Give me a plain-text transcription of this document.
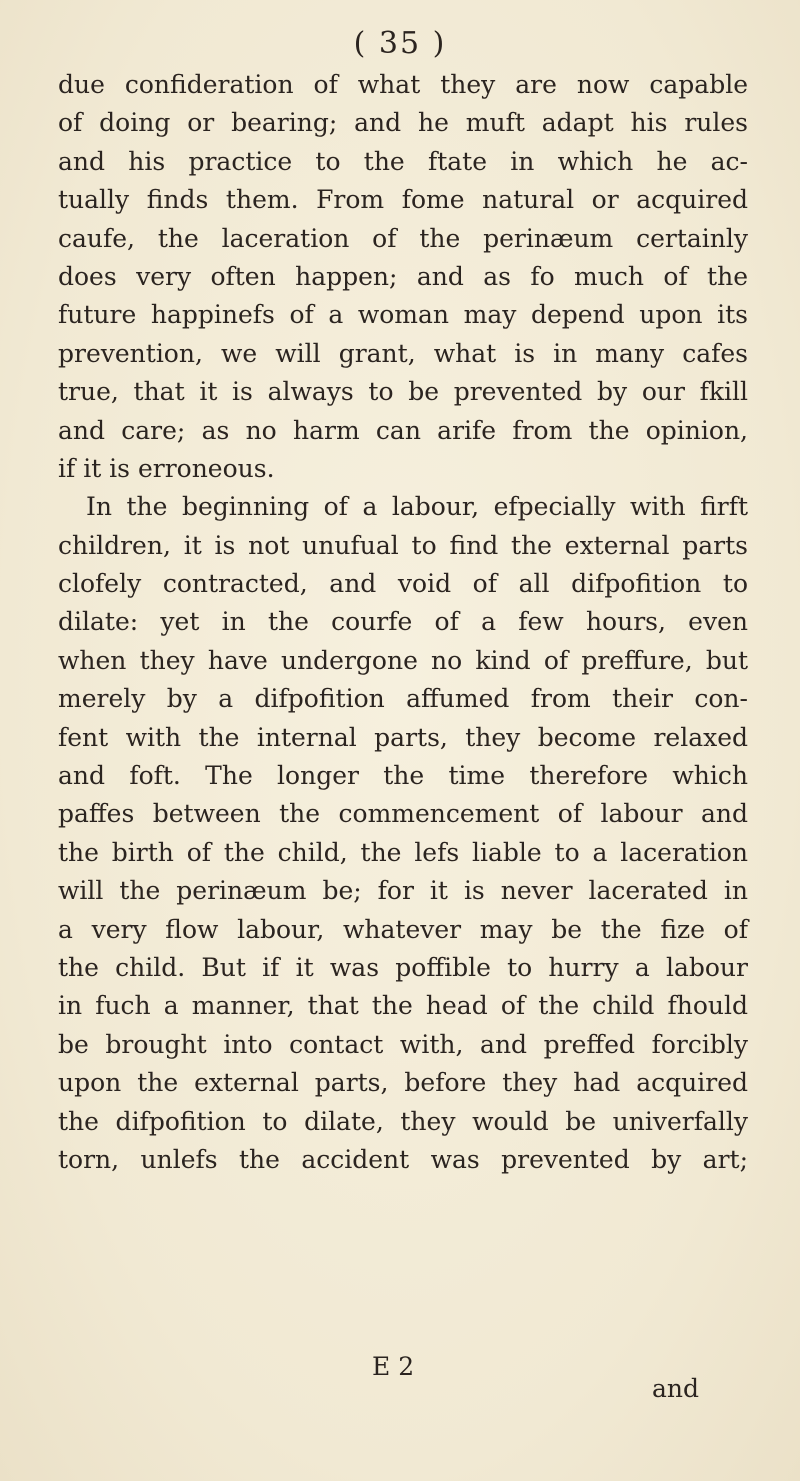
( 35 )
due confideration of what they are now capable
of doing or bearing; and he muft adapt his rules
and his practice to the ftate in which he ac-
tually finds them. From fome natural or acquired
caufe, the laceration of the perinæum certainly
does very often happen; and as fo much of the
future happinefs of a woman may depend upon its
prevention, we will grant, what is in many cafes
true, that it is always to be prevented by our fkill
and care; as no harm can arife from the opinion,
if it is erroneous.
In the beginning of a labour, efpecially with firft
children, it is not unufual to find the external parts
clofely contracted, and void of all difpofition to
dilate: yet in the courfe of a few hours, even
when they have undergone no kind of preffure, but
merely by a difpofition affumed from their con-
fent with the internal parts, they become relaxed
and foft. The longer the time therefore which
paffes between the commencement of labour and
the birth of the child, the lefs liable to a laceration
will the perinæum be; for it is never lacerated in
a very flow labour, whatever may be the fize of
the child. But if it was poffible to hurry a labour
in fuch a manner, that the head of the child fhould
be brought into contact with, and preffed forcibly
upon the external parts, before they had acquired
the difpofition to dilate, they would be univerfally
torn, unlefs the accident was prevented by art;
E 2
and
